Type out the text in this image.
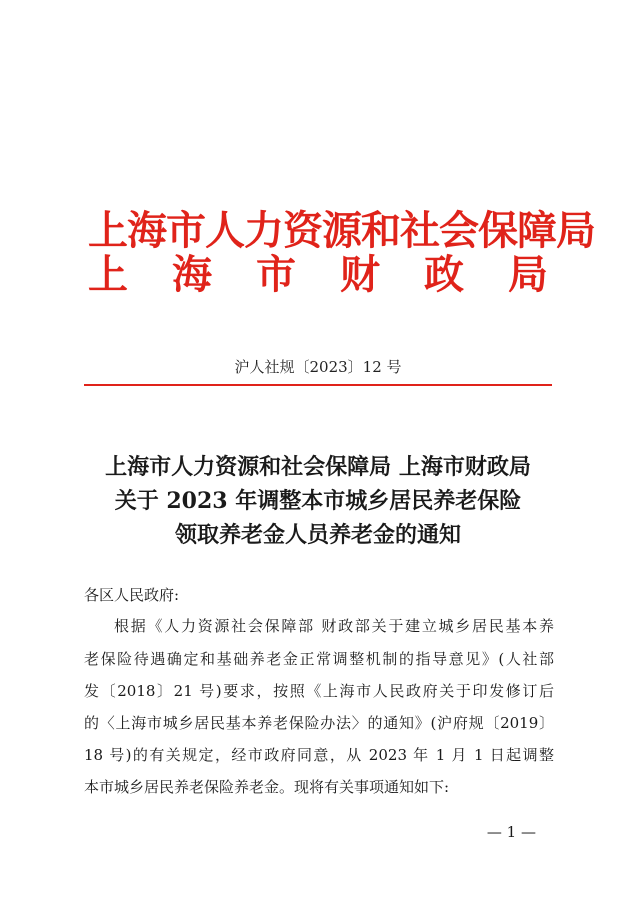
上海市人力资源和社会保障局
上 海 市 财 政 局
沪人社规〔2023〕12 号
上海市人力资源和社会保障局 上海市财政局
关于 2023 年调整本市城乡居民养老保险
领取养老金人员养老金的通知
各区人民政府:
根据《人力资源社会保障部 财政部关于建立城乡居民基本养
老保险待遇确定和基础养老金正常调整机制的指导意见》(人社部
发〔2018〕21 号)要求，按照《上海市人民政府关于印发修订后
的〈上海市城乡居民基本养老保险办法〉的通知》(沪府规〔2019〕
18 号)的有关规定，经市政府同意，从 2023 年 1 月 1 日起调整
本市城乡居民养老保险养老金。现将有关事项通知如下:
— 1 —
